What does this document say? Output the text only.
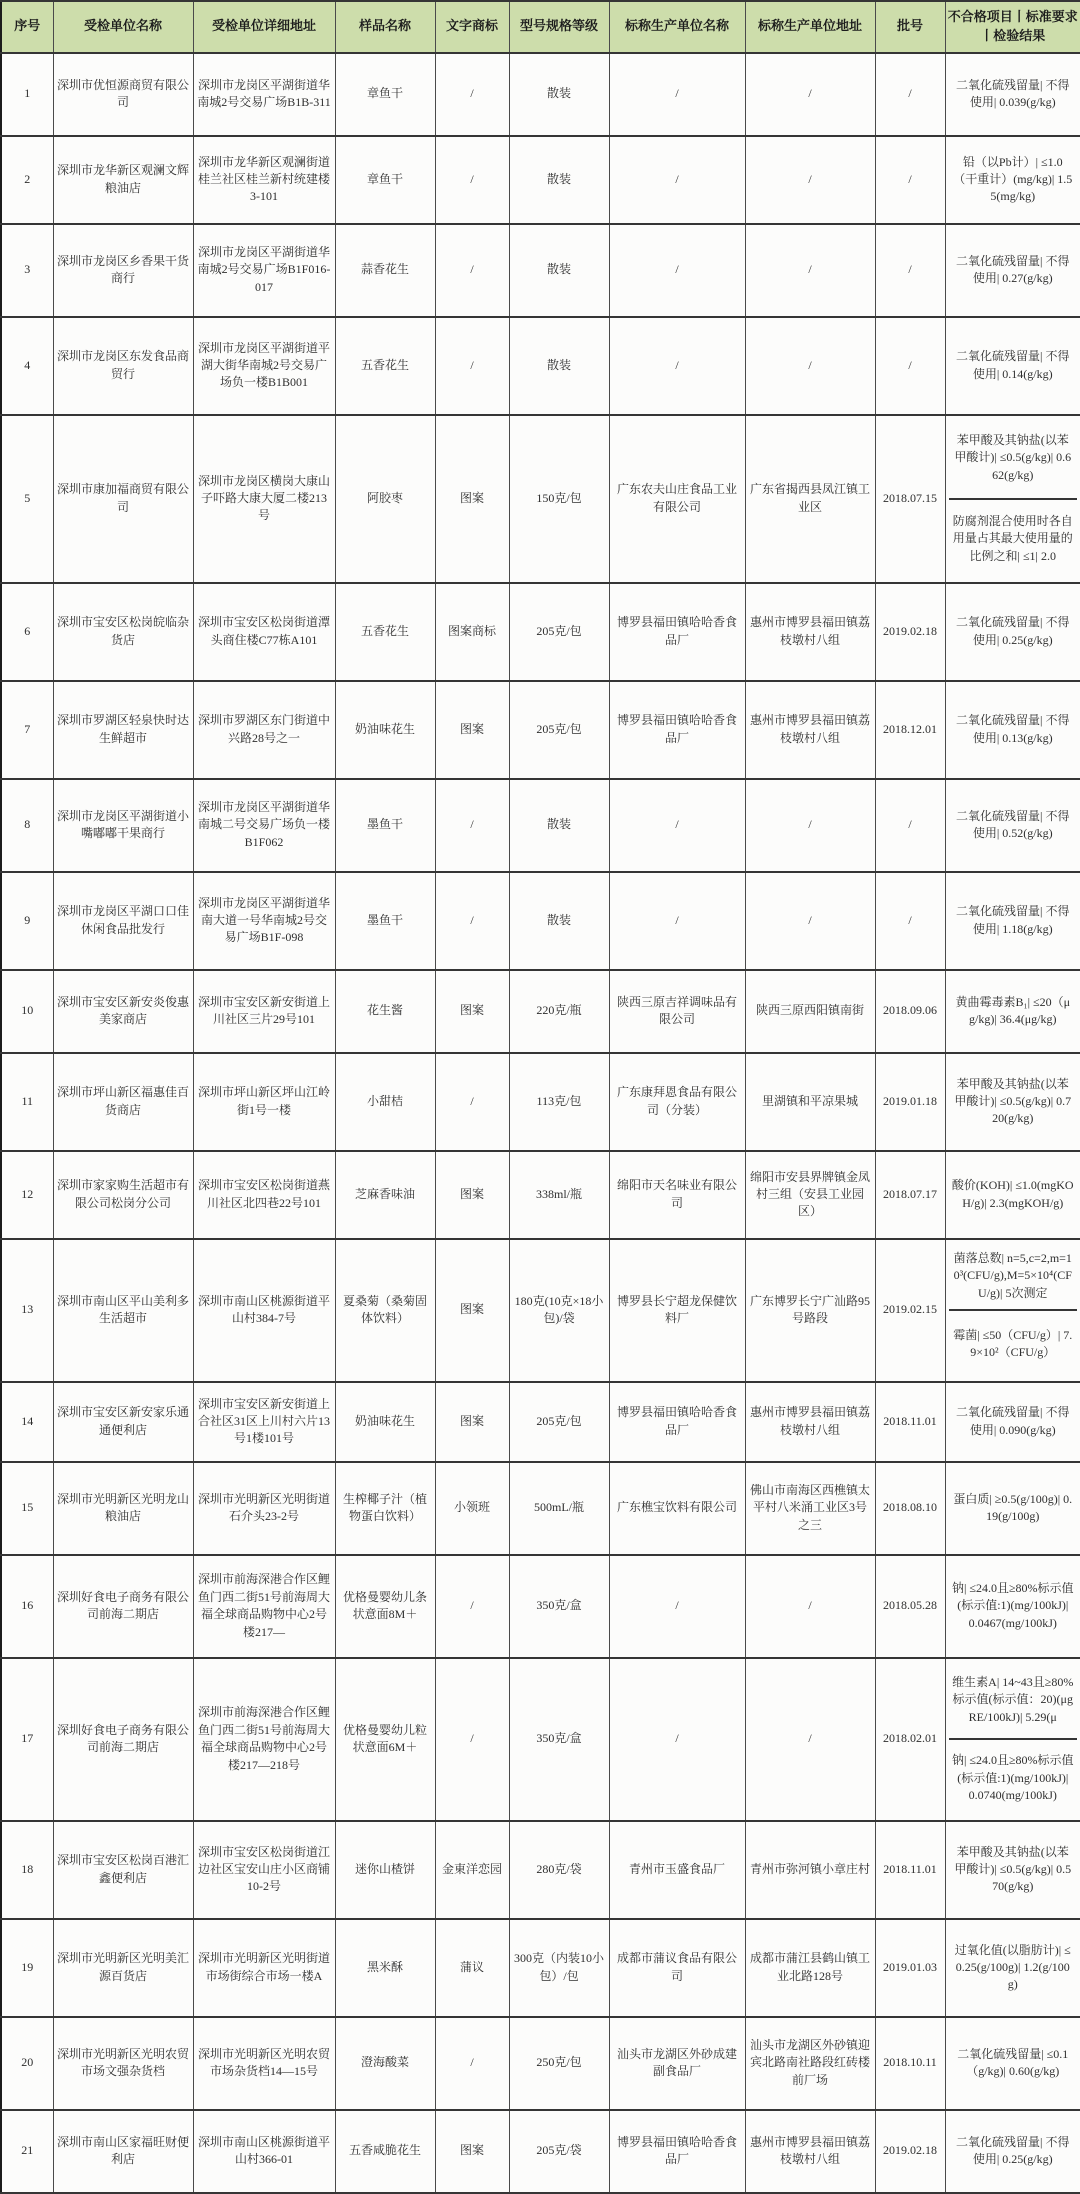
序号	受检单位名称	受检单位详细地址	样品名称	文字商标	型号规格等级	标称生产单位名称	标称生产单位地址	批号	不合格项目丨标准要求丨检验结果
1	深圳市优恒源商贸有限公司	深圳市龙岗区平湖街道华南城2号交易广场B1B-311	章鱼干	/	散装	/	/	/	二氧化硫残留量| 不得使用| 0.039(g/kg)

2	深圳市龙华新区观澜文辉粮油店	深圳市龙华新区观澜街道桂兰社区桂兰新村统建楼3-101	章鱼干	/	散装	/	/	/	铅（以Pb计）| ≤1.0（干重计）(mg/kg)| 1.55(mg/kg)

3	深圳市龙岗区乡香果干货商行	深圳市龙岗区平湖街道华南城2号交易广场B1F016-017	蒜香花生	/	散装	/	/	/	二氧化硫残留量| 不得使用| 0.27(g/kg)

4	深圳市龙岗区东发食品商贸行	深圳市龙岗区平湖街道平湖大街华南城2号交易广场负一楼B1B001	五香花生	/	散装	/	/	/	二氧化硫残留量| 不得使用| 0.14(g/kg)

5	深圳市康加福商贸有限公司	深圳市龙岗区横岗大康山子吓路大康大厦二楼213号	阿胶枣	图案	150克/包	广东农夫山庄食品工业有限公司	广东省揭西县凤江镇工业区	2018.07.15	苯甲酸及其钠盐(以苯甲酸计)| ≤0.5(g/kg)| 0.662(g/kg)
防腐剂混合使用时各自用量占其最大使用量的比例之和| ≤1| 2.0

6	深圳市宝安区松岗皖临杂货店	深圳市宝安区松岗街道潭头商住楼C77栋A101	五香花生	图案商标	205克/包	博罗县福田镇哈哈香食品厂	惠州市博罗县福田镇荔枝墩村八组	2019.02.18	二氧化硫残留量| 不得使用| 0.25(g/kg)

7	深圳市罗湖区轻泉快时达生鲜超市	深圳市罗湖区东门街道中兴路28号之一	奶油味花生	图案	205克/包	博罗县福田镇哈哈香食品厂	惠州市博罗县福田镇荔枝墩村八组	2018.12.01	二氧化硫残留量| 不得使用| 0.13(g/kg)

8	深圳市龙岗区平湖街道小嘴嘟嘟干果商行	深圳市龙岗区平湖街道华南城二号交易广场负一楼B1F062	墨鱼干	/	散装	/	/	/	二氧化硫残留量| 不得使用| 0.52(g/kg)

9	深圳市龙岗区平湖口口佳休闲食品批发行	深圳市龙岗区平湖街道华南大道一号华南城2号交易广场B1F-098	墨鱼干	/	散装	/	/	/	二氧化硫残留量| 不得使用| 1.18(g/kg)

10	深圳市宝安区新安炎俊惠美家商店	深圳市宝安区新安街道上川社区三片29号101	花生酱	图案	220克/瓶	陕西三原吉祥调味品有限公司	陕西三原西阳镇南街	2018.09.06	黄曲霉毒素B₁| ≤20（μg/kg)| 36.4(μg/kg)

11	深圳市坪山新区福惠佳百货商店	深圳市坪山新区坪山江岭街1号一楼	小甜桔	/	113克/包	广东康拜恩食品有限公司（分装）	里湖镇和平凉果城	2019.01.18	苯甲酸及其钠盐(以苯甲酸计)| ≤0.5(g/kg)| 0.720(g/kg)

12	深圳市家家购生活超市有限公司松岗分公司	深圳市宝安区松岗街道燕川社区北四巷22号101	芝麻香味油	图案	338ml/瓶	绵阳市天名味业有限公司	绵阳市安县界牌镇金凤村三组（安县工业园区）	2018.07.17	酸价(KOH)| ≤1.0(mgKOH/g)| 2.3(mgKOH/g)

13	深圳市南山区平山美利多生活超市	深圳市南山区桃源街道平山村384-7号	夏桑菊（桑菊固体饮料）	图案	180克(10克×18小包)/袋	博罗县长宁超龙保健饮料厂	广东博罗长宁广汕路95号路段	2019.02.15	菌落总数| n=5,c=2,m=10³(CFU/g),M=5×10⁴(CFU/g)| 5次测定
霉菌| ≤50（CFU/g）| 7.9×10²（CFU/g）

14	深圳市宝安区新安家乐通通便利店	深圳市宝安区新安街道上合社区31区上川村六片13号1楼101号	奶油味花生	图案	205克/包	博罗县福田镇哈哈香食品厂	惠州市博罗县福田镇荔枝墩村八组	2018.11.01	二氧化硫残留量| 不得使用| 0.090(g/kg)

15	深圳市光明新区光明龙山粮油店	深圳市光明新区光明街道石介头23-2号	生榨椰子汁（植物蛋白饮料）	小领班	500mL/瓶	广东樵宝饮料有限公司	佛山市南海区西樵镇太平村八米涌工业区3号之三	2018.08.10	蛋白质| ≥0.5(g/100g)| 0.19(g/100g)

16	深圳好食电子商务有限公司前海二期店	深圳市前海深港合作区鲤鱼门西二街51号前海周大福全球商品购物中心2号楼217—	优格曼婴幼儿条状意面8M＋	/	350克/盒	/	/	2018.05.28	钠| ≤24.0且≥80%标示值(标示值:1)(mg/100kJ)| 0.0467(mg/100kJ)

17	深圳好食电子商务有限公司前海二期店	深圳市前海深港合作区鲤鱼门西二街51号前海周大福全球商品购物中心2号楼217—218号	优格曼婴幼儿粒状意面6M＋	/	350克/盒	/	/	2018.02.01	维生素A| 14~43且≥80%标示值(标示值：20)(μgRE/100kJ)| 5.29(μ
钠| ≤24.0且≥80%标示值(标示值:1)(mg/100kJ)| 0.0740(mg/100kJ)

18	深圳市宝安区松岗百港汇鑫便利店	深圳市宝安区松岗街道江边社区宝安山庄小区商铺10-2号	迷你山楂饼	金東洋恋园	280克/袋	青州市玉盛食品厂	青州市弥河镇小章庄村	2018.11.01	苯甲酸及其钠盐(以苯甲酸计)| ≤0.5(g/kg)| 0.570(g/kg)

19	深圳市光明新区光明美汇源百货店	深圳市光明新区光明街道市场街综合市场一楼A	黑米酥	蒲议	300克（内装10小包）/包	成都市蒲议食品有限公司	成都市蒲江县鹤山镇工业北路128号	2019.01.03	过氧化值(以脂肪计)| ≤0.25(g/100g)| 1.2(g/100g)

20	深圳市光明新区光明农贸市场文强杂货档	深圳市光明新区光明农贸市场杂货档14—15号	澄海酸菜	/	250克/包	汕头市龙湖区外砂成建副食品厂	汕头市龙湖区外砂镇迎宾北路南社路段红砖楼前厂场	2018.10.11	二氧化硫残留量| ≤0.1（g/kg)| 0.60(g/kg)

21	深圳市南山区家福旺财便利店	深圳市南山区桃源街道平山村366-01	五香咸脆花生	图案	205克/袋	博罗县福田镇哈哈香食品厂	惠州市博罗县福田镇荔枝墩村八组	2019.02.18	二氧化硫残留量| 不得使用| 0.25(g/kg)
